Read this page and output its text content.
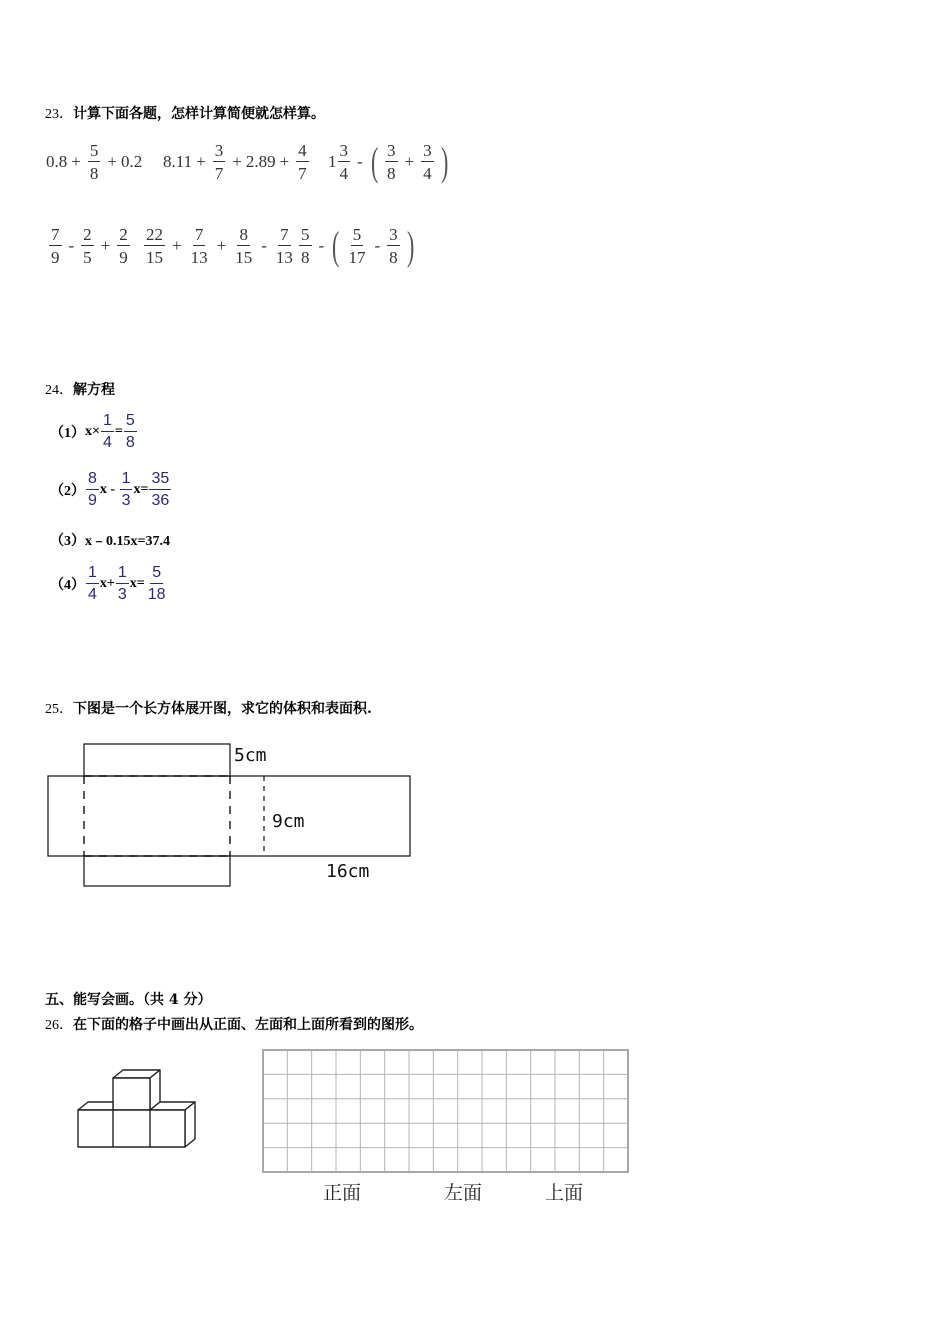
23．计算下面各题，怎样计算简便就怎样算。
$0.8 + \frac{5}{8} + 0.2$ $8.11 + \frac{3}{7} + 2.89 + \frac{4}{7} 1 \frac{3}{4}$ - ( $\frac{3}{8} + \frac{3}{4}$ )
$\frac{7}{9} - \frac{2}{5} + \frac{2}{9} \frac{22}{15} + \frac{7}{13} + \frac{8}{15} - \frac{7}{13} \frac{5}{8}$ - ( $\frac{5}{17} - \frac{3}{8}$ )
24．解方程
（1） $x\times \frac{1}{4} = \frac{5}{8}$
$(2) \frac{8}{9}$ $x - \frac{1}{3} x= \frac{35}{36}$
（3） x﹣0.15x=37.4
$(4) \frac{1}{4} x+ \frac{1}{3} x= \frac{5}{18}$
25．下图是一个长方体展开图，求它的体积和表面积.
5cm
9cm
16cm
五、能写会画。（共 4 分）
26．在下面的格子中画出从正面、左面和上面所看到的图形。
正面	左面	上面
